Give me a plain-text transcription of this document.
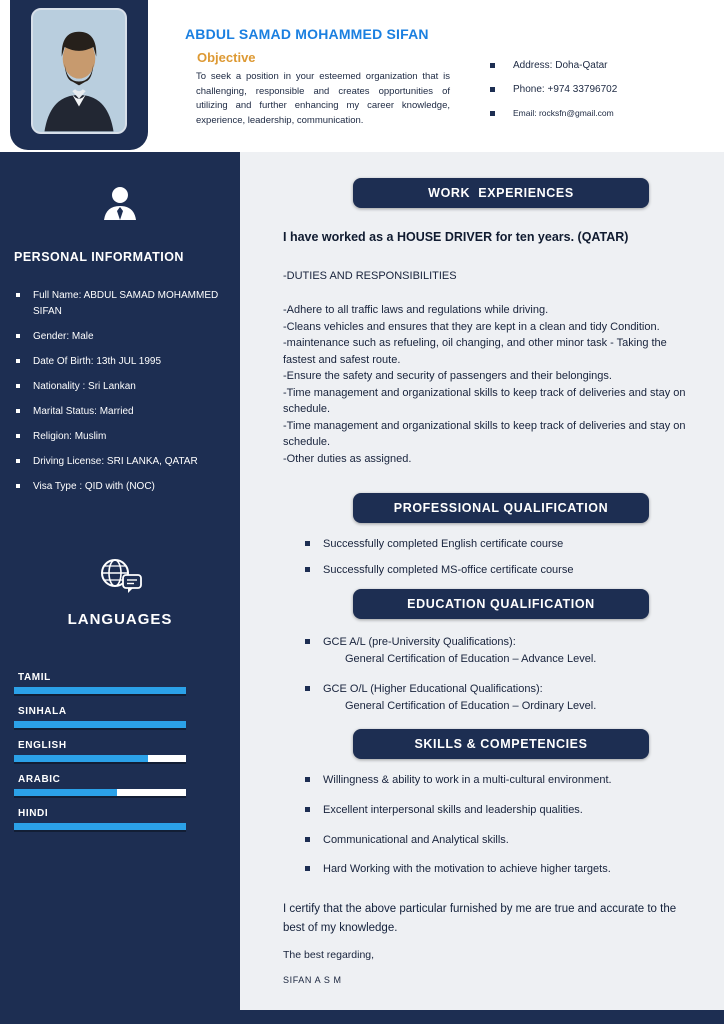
ABDUL SAMAD MOHAMMED SIFAN
Objective

To seek a position in your esteemed organization that is challenging, responsible and creates opportunities of utilizing and further enhancing my career knowledge, experience, leadership, communication.

Address: Doha-Qatar
Phone: +974 33796702
Email: rocksfn@gmail.com
PERSONAL INFORMATION
Full Name: ABDUL SAMAD MOHAMMED SIFAN
Gender: Male
Date Of Birth: 13th JUL 1995
Nationality : Sri Lankan
Marital Status: Married
Religion: Muslim
Driving License: SRI LANKA, QATAR
Visa Type : QID with (NOC)
LANGUAGES
TAMIL
SINHALA
ENGLISH
ARABIC
HINDI
WORK  EXPERIENCES

I have worked as a HOUSE DRIVER for ten years. (QATAR)

-DUTIES AND RESPONSIBILITIES

-Adhere to all traffic laws and regulations while driving.
-Cleans vehicles and ensures that they are kept in a clean and tidy Condition.
-maintenance such as refueling, oil changing, and other minor task - Taking the fastest and safest route.
-Ensure the safety and security of passengers and their belongings.
-Time management and organizational skills to keep track of deliveries and stay on schedule.
-Time management and organizational skills to keep track of deliveries and stay on schedule.
-Other duties as assigned.
PROFESSIONAL QUALIFICATION
Successfully completed English certificate course
Successfully completed MS-office certificate course
EDUCATION QUALIFICATION
GCE A/L (pre-University Qualifications):
General Certification of Education – Advance Level.
GCE O/L (Higher Educational Qualifications):
General Certification of Education – Ordinary Level.
SKILLS & COMPETENCIES
Willingness & ability to work in a multi-cultural environment.
Excellent interpersonal skills and leadership qualities.
Communicational and Analytical skills.
Hard Working with the motivation to achieve higher targets.

I certify that the above particular furnished by me are true and accurate to the best of my knowledge.

The best regarding,

SIFAN A S M
